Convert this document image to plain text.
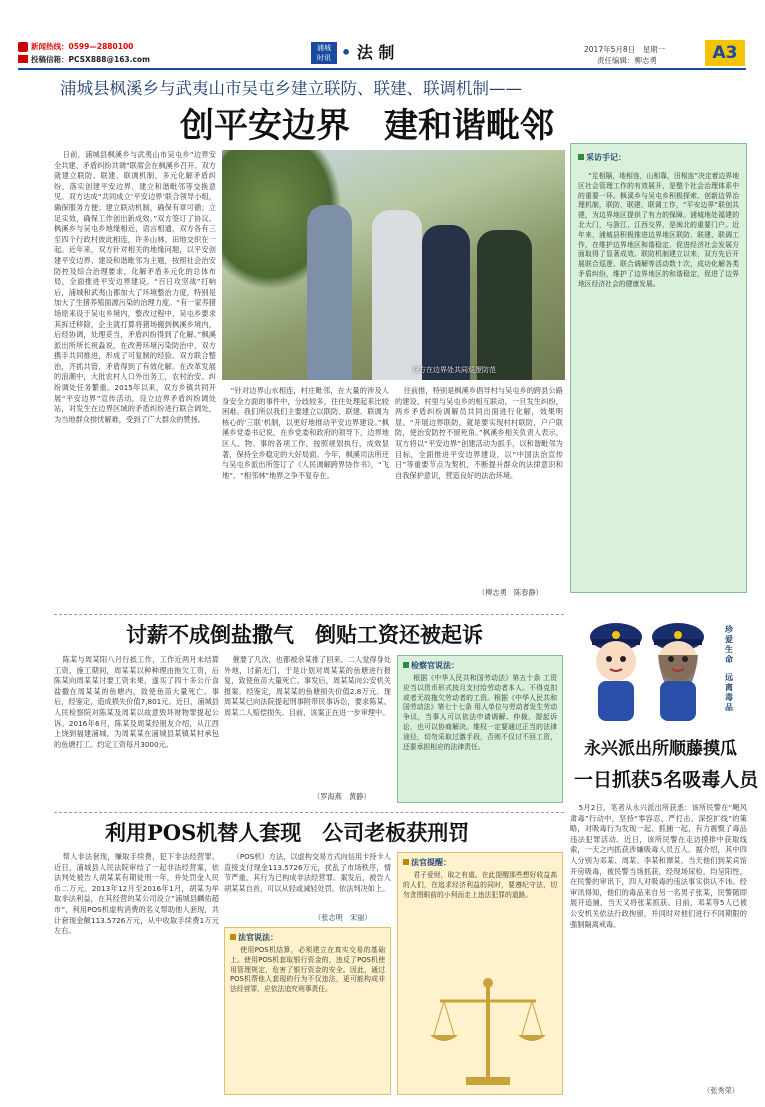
新闻热线：0599—2880100
投稿信箱：PCSX888@163.com
浦城
时讯 • 法 制	2017年5月8日　星期一
责任编辑：柳志勇	A3
浦城县枫溪乡与武夷山市吴屯乡建立联防、联建、联调机制——
创平安边界　建和谐毗邻

日前，浦城县枫溪乡与武夷山市吴屯乡“边界安全共建、矛盾纠纷共调”联席会在枫溪乡召开。双方就建立联防、联建、联调机制、多元化解矛盾纠纷，落实创建平安边界、建立和谐毗邻等交换意见。双方达成“共同成立‘平安边界’联合领导小组，确保服务方便；建立联动机制，确保有章可循；立足实效，确保工作创出新成效。”双方签订了协议。枫溪乡与吴屯乡地缘相近，语言相通，双方各有三至四个行政村彼此相连，许多山林、田地交织在一起。近年来，双方针对相关的地缘问题，以平安创建平安边界、建设和谐毗邻为主题，按照社会治安防控及综合治理要求，化解矛盾多元化的总体布局，全面推进平安边界建设。“百日攻坚战”打响后，浦城和武夷山都加大了环境整治力度，特别是加大了生猪养殖面源污染的治理力度。“有一家养猪场原来设于吴屯乡境内，整改过程中，吴屯乡要求其拆迁移除，企主就打算将猪场搬到枫溪乡境内，后经协调，处理妥当，矛盾纠纷得到了化解。”枫溪派出所所长祝淼说，在改善环境污染防治中，双方携手共同推进，形成了可复制的经验。双方联合整治，齐抓共管，矛盾得到了有效化解。在改革发展的浪潮中，大批农村人口外出务工，农村治安、纠纷调处任务繁重。2015年以来，双方乡镇共同开展“平安边界”宣传活动，设立边界矛盾纠纷调处站，对发生在边界区域的矛盾纠纷进行联合调处，为当地群众排忧解难，受到了广大群众的赞扬。

双方在边界处共同巡逻防范

“针对边界山水相连，村庄毗邻，在大量的涉及人身安全方面的事件中，分歧较多，往往处理起来比较困难。我们所以我们主要建立以联防、联建、联调为核心的‘三联’机制，以更好地推动平安边界建设。”枫溪乡党委书记说，在乡党委和政府的领导下，边界地区人、物、事的各项工作，按照规划执行，成效显著，保持全乡稳定的大好局面。今年，枫溪司法所还与吴屯乡派出所签订了《人民调解跨界协作书》，“飞地”、“相邻林”地界之争不复存在。

往前推，特别是枫溪乡倡导村与吴屯乡的跨县公路的建设、村里与吴屯乡的相互联动，一旦发生纠纷，两乡矛盾纠纷调解员共同出面进行化解，效果明显。“开展边界联防，就是要实现村村联防，户户联防，使治安防控不留死角。”枫溪乡相关负责人表示，双方将以“平安边界”创建活动为抓手，以和谐毗邻为目标，全面推进平安边界建设，以“中国法治宣传日”等重要节点为契机，不断提升群众的法律意识和自我保护意识，营造良好的法治环境。

（柳志勇　陈春静）
采访手记：
“足相隔，地相连，山相靠，田相连”决定着边界地区社会管理工作的有效展开，是整个社会治理体系中的重要一环。枫溪乡与吴屯乡积极探索、创新边界治理机制，联防、联建、联调工作，“平安边界”联创共建，为边界地区提供了有力的保障。浦城地处福建的北大门，与浙江、江西交界，是闽北的重要门户。近年来，浦城县积极推进边界地区联防、联建、联调工作，在维护边界地区和谐稳定、促进经济社会发展方面取得了显著成效。联防机制建立以来，双方先后开展联合巡逻、联合调解等活动数十次，成功化解各类矛盾纠纷，维护了边界地区的和谐稳定，促进了边界地区经济社会的健康发展。
讨薪不成倒盐撒气　倒贴工资还被起诉

陈某与周某阳八月行抵工作，工作近两月未结算工资，施工期间，周某某以种种理由拖欠工资，后陈某向周某某讨要工资未果，遂买了四十多公斤食盐撒在周某某的鱼塘内，致使鱼苗大量死亡。事后，经鉴定，造成损失价值7,801元。近日，浦城县人民检察院对陈某及周某以故意毁坏财物罪提起公诉。2016年6月，陈某及周某经朋友介绍，从江西上饶到福建浦城，为周某某在浦城县某镇某村承包的鱼塘打工。约定工资每月3000元。

催要了几次，也都被余某推了回来。二人觉得身处外地，讨薪无门，于是计划对周某某的鱼塘进行报复，致使鱼苗大量死亡。事发后，周某某向公安机关报案。经鉴定，周某某的鱼塘损失价值2.8万元。现周某某已向法院提起刑事附带民事诉讼，要求陈某、周某二人赔偿损失。目前，该案正在进一步审理中。

（罗海燕　黄静）
检察官说法：
根据《中华人民共和国劳动法》第五十条 工资应当以货币形式按月支付给劳动者本人。不得克扣或者无故拖欠劳动者的工资。根据《中华人民共和国劳动法》第七十七条 用人单位与劳动者发生劳动争议，当事人可以依法申请调解、仲裁、提起诉讼，也可以协商解决。维权一定要通过正当的法律途径，切勿采取过激手段，否则不仅讨不回工资，还要承担相应的法律责任。
利用POS机替人套现　公司老板获刑罚

帮人非法套现，赚取手续费，犯下非法经营罪。近日，浦城县人民法院审结了一起非法经营案，依法判处被告人胡某某有期徒刑一年，并处罚金人民币二万元。2013年12月至2016年1月，胡某为牟取非法利益，在其经营的某公司设立“浦城县麟佑超市”，利用POS机虚构消费的名义帮助他人套现，共计套现金额113.5726万元，从中收取手续费1万元左右。

（POS机）方法，以虚构交易方式向信用卡持卡人直接支付现金113.5726万元，扰乱了市场秩序，情节严重，其行为已构成非法经营罪。案发后，被告人胡某某自首，可以从轻或减轻处罚。依法判决如上。

（张志明　宋丽）
法官说法：
使用POS机结算，必须建立在真实交易的基础上。使用POS机套取银行资金的，违反了POS机使用管理规定，危害了银行资金的安全。因此，通过POS机帮他人套现的行为不仅违法，更可能构成非法经营罪，应依法追究刑事责任。
法官提醒：
君子爱财，取之有道。在此提醒那些想好收益高的人们，在追求经济利益的同时，要遵纪守法，切勿贪图眼前的小利而走上违法犯罪的道路。
珍爱生命
远离毒品
永兴派出所顺藤摸瓜
一日抓获5名吸毒人员

5月2日，笔者从永兴派出所获悉：该所民警在“飓风肃毒”行动中，坚持“零容忍、严打击、深挖扩线”的策略，对吸毒行为发现一起、抓捕一起，有力震慑了毒品违法犯罪活动。近日，该所民警在走访摸排中获取线索，一天之内抓获涉嫌吸毒人员五人。据介绍，其中四人分别为邓某、周某、李某和谭某。当天他们到某宾馆开房吸毒，被民警当场抓获，经现场尿检，均呈阳性，在民警的审讯下，四人对吸毒的违法事实供认不讳。经审讯得知，他们的毒品来自另一名男子张某，民警随即展开追捕，当天又将张某抓获。目前，邓某等5人已被公安机关依法行政拘留，并同时对他们进行不同期限的强制隔离戒毒。

（张秀荣）
